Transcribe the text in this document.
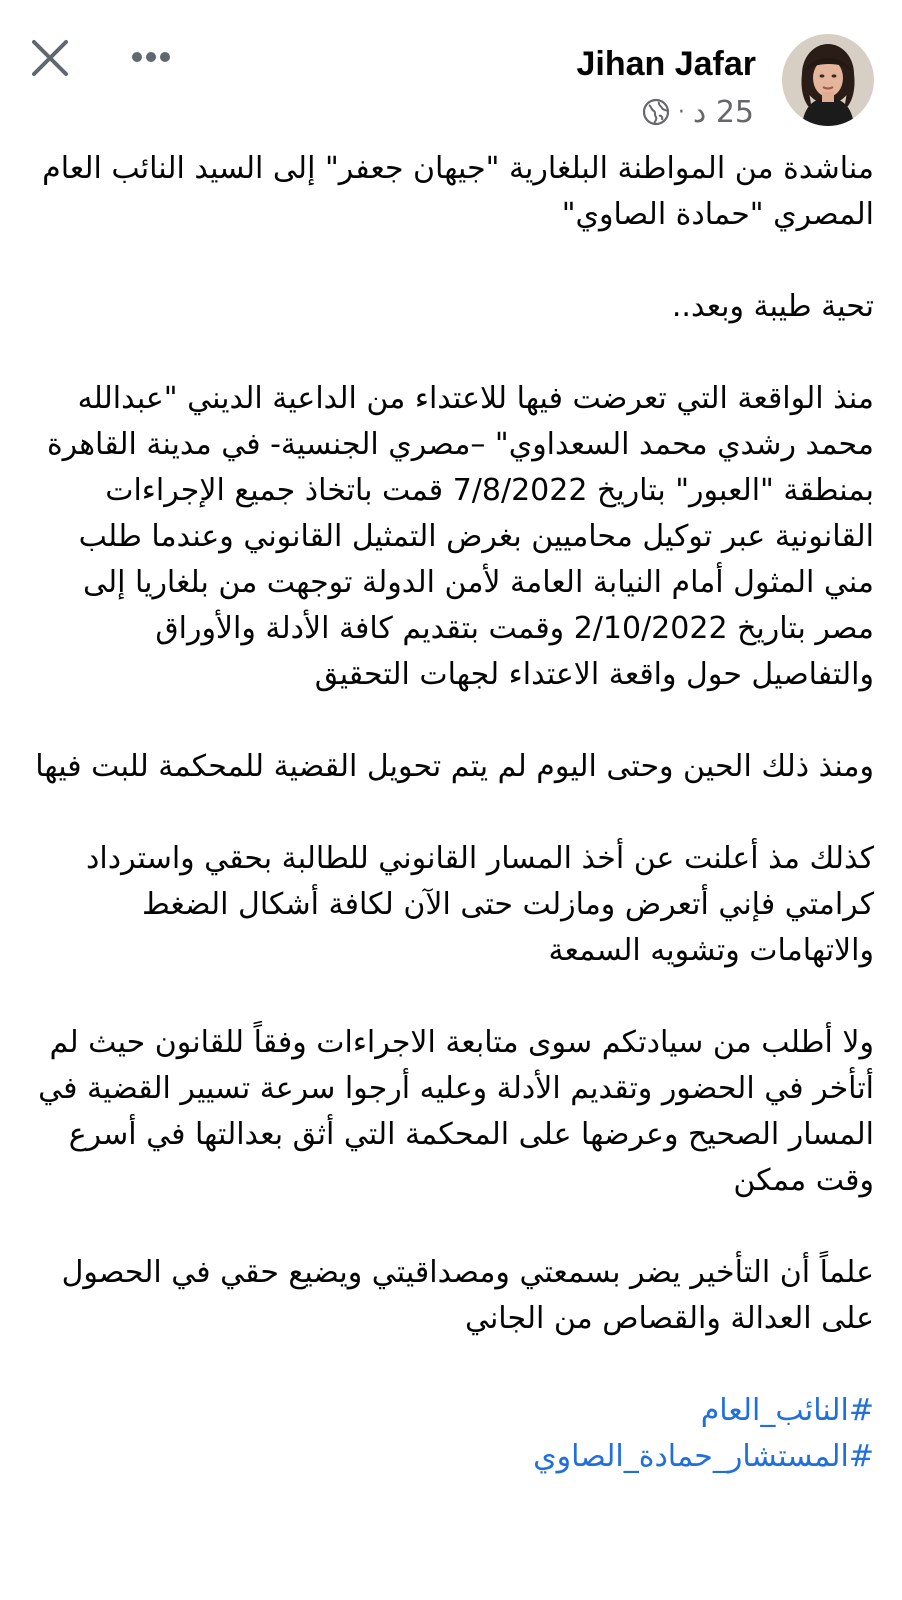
Jihan Jafar
· 25 د

مناشدة من المواطنة البلغارية "جيهان جعفر" إلى السيد النائب العام المصري "حمادة الصاوي"

تحية طيبة وبعد..

منذ الواقعة التي تعرضت فيها للاعتداء من الداعية الديني "عبدالله محمد رشدي محمد السعداوي" –مصري الجنسية- في مدينة القاهرة بمنطقة "العبور" بتاريخ 7/8/2022 قمت باتخاذ جميع الإجراءات القانونية عبر توكيل محاميين بغرض التمثيل القانوني وعندما طلب مني المثول أمام النيابة العامة لأمن الدولة توجهت من بلغاريا إلى مصر بتاريخ 2/10/2022 وقمت بتقديم كافة الأدلة والأوراق والتفاصيل حول واقعة الاعتداء لجهات التحقيق

ومنذ ذلك الحين وحتى اليوم لم يتم تحويل القضية للمحكمة للبت فيها

كذلك مذ أعلنت عن أخذ المسار القانوني للطالبة بحقي واسترداد كرامتي فإني أتعرض ومازلت حتى الآن لكافة أشكال الضغط والاتهامات وتشويه السمعة

ولا أطلب من سيادتكم سوى متابعة الاجراءات وفقاً للقانون حيث لم أتأخر في الحضور وتقديم الأدلة وعليه أرجوا سرعة تسيير القضية في المسار الصحيح وعرضها على المحكمة التي أثق بعدالتها في أسرع وقت ممكن

علماً أن التأخير يضر بسمعتي ومصداقيتي ويضيع حقي في الحصول على العدالة والقصاص من الجاني

#النائب_العام
#المستشار_حمادة_الصاوي
